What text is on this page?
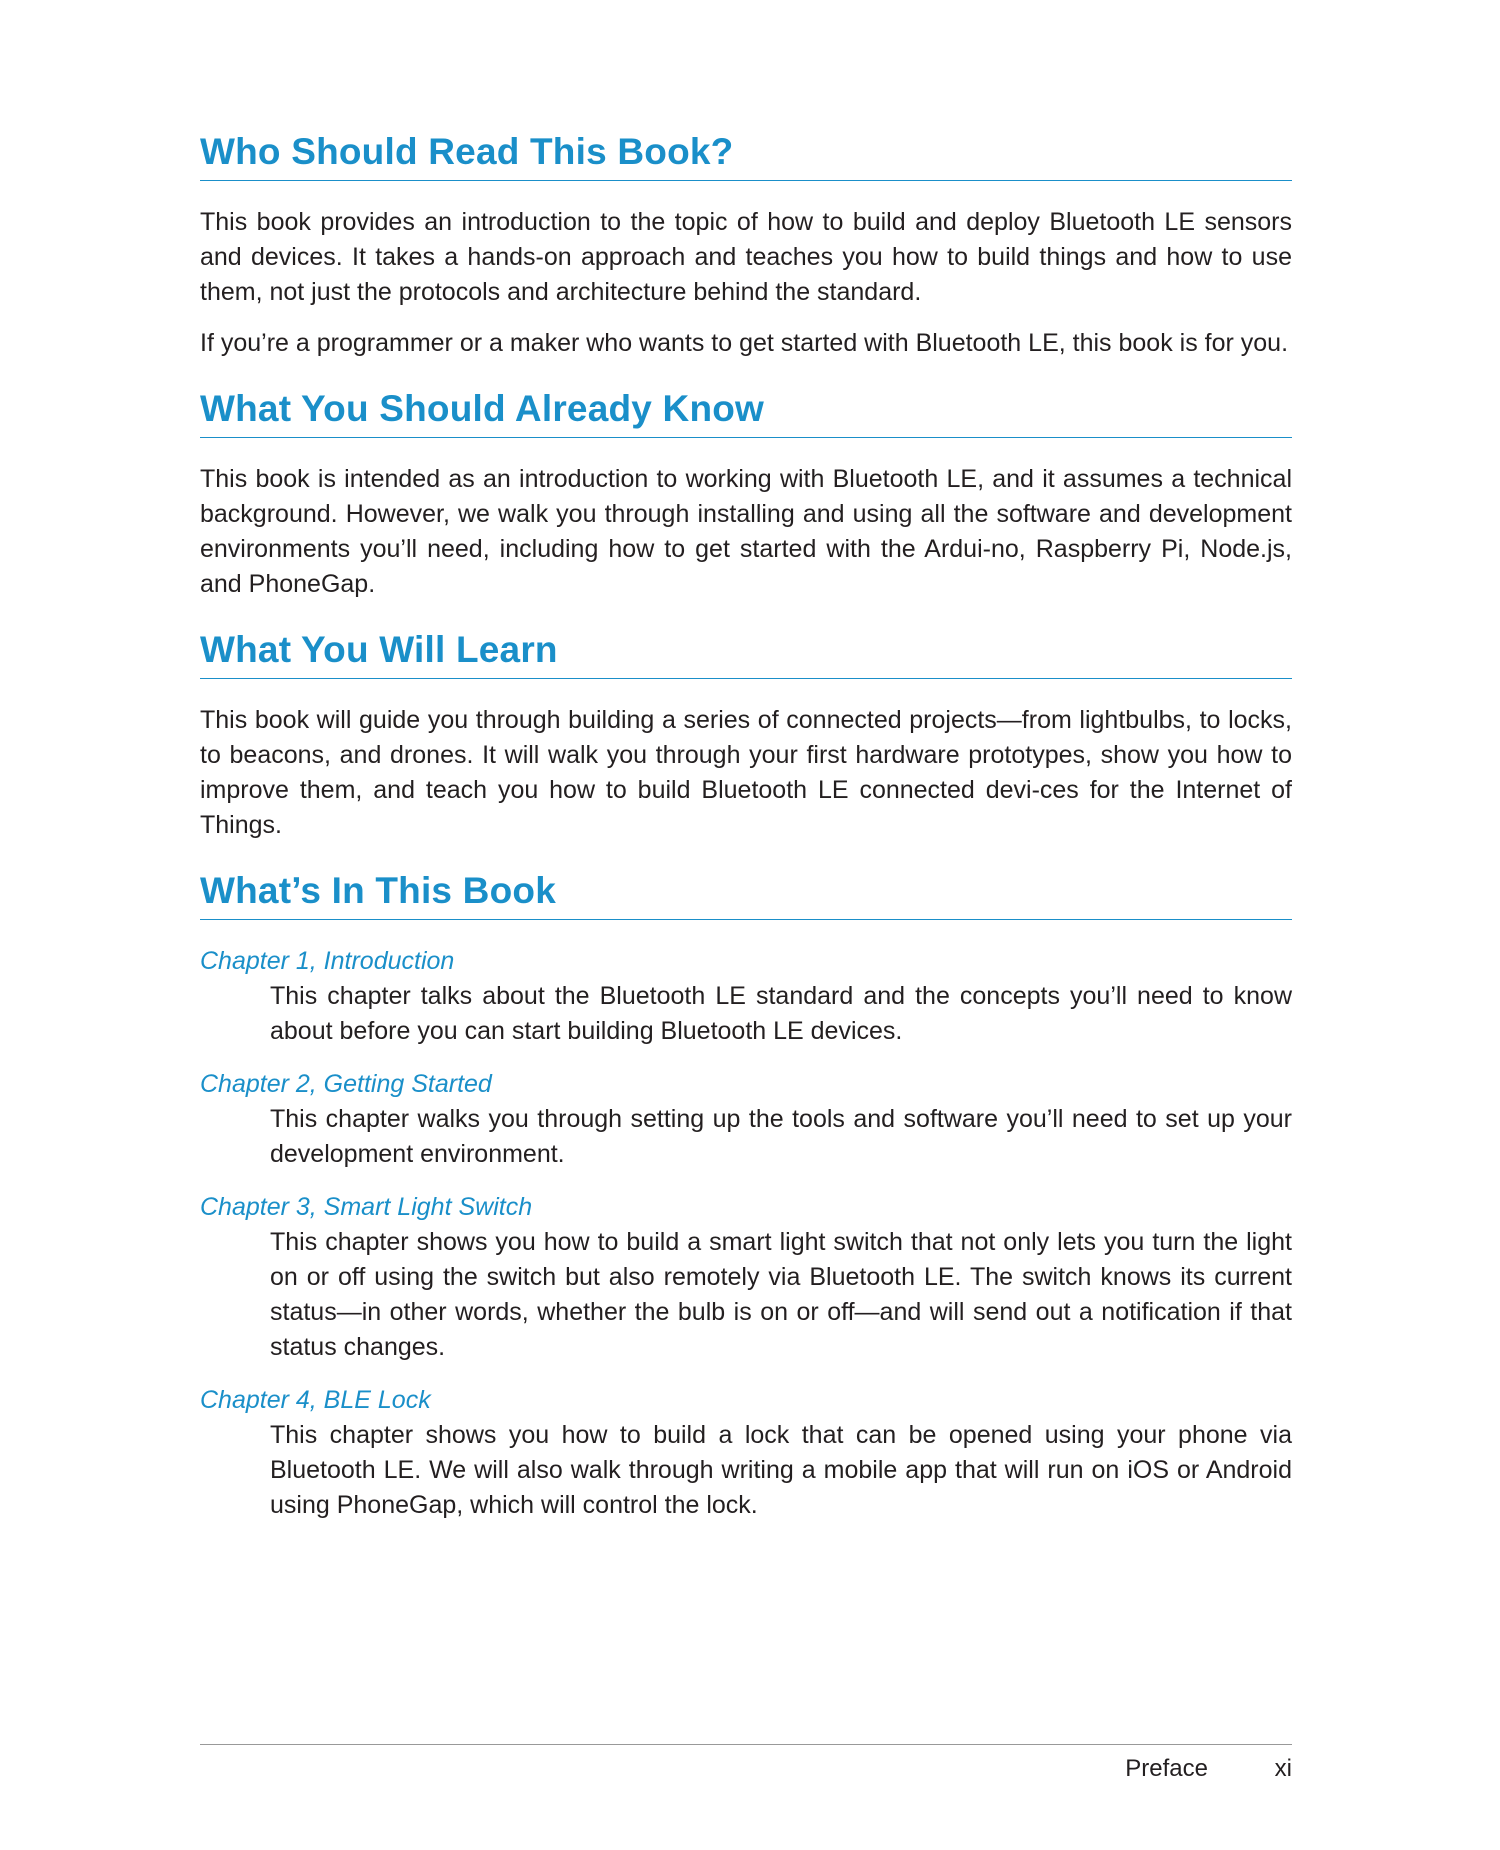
Who Should Read This Book?

This book provides an introduction to the topic of how to build and deploy Bluetooth LE sensors and devices. It takes a hands-on approach and teaches you how to build things and how to use them, not just the protocols and architecture behind the standard.

If you’re a programmer or a maker who wants to get started with Bluetooth LE, this book is for you.

What You Should Already Know

This book is intended as an introduction to working with Bluetooth LE, and it assumes a technical background. However, we walk you through installing and using all the software and development environments you’ll need, including how to get started with the Ardui-no, Raspberry Pi, Node.js, and PhoneGap.

What You Will Learn

This book will guide you through building a series of connected projects—from lightbulbs, to locks, to beacons, and drones. It will walk you through your first hardware prototypes, show you how to improve them, and teach you how to build Bluetooth LE connected devi-ces for the Internet of Things.

What’s In This Book

Chapter 1, Introduction

This chapter talks about the Bluetooth LE standard and the concepts you’ll need to know about before you can start building Bluetooth LE devices.

Chapter 2, Getting Started

This chapter walks you through setting up the tools and software you’ll need to set up your development environment.

Chapter 3, Smart Light Switch

This chapter shows you how to build a smart light switch that not only lets you turn the light on or off using the switch but also remotely via Bluetooth LE. The switch knows its current status—in other words, whether the bulb is on or off—and will send out a notification if that status changes.

Chapter 4, BLE Lock

This chapter shows you how to build a lock that can be opened using your phone via Bluetooth LE. We will also walk through writing a mobile app that will run on iOS or Android using PhoneGap, which will control the lock.

Preface	xi
